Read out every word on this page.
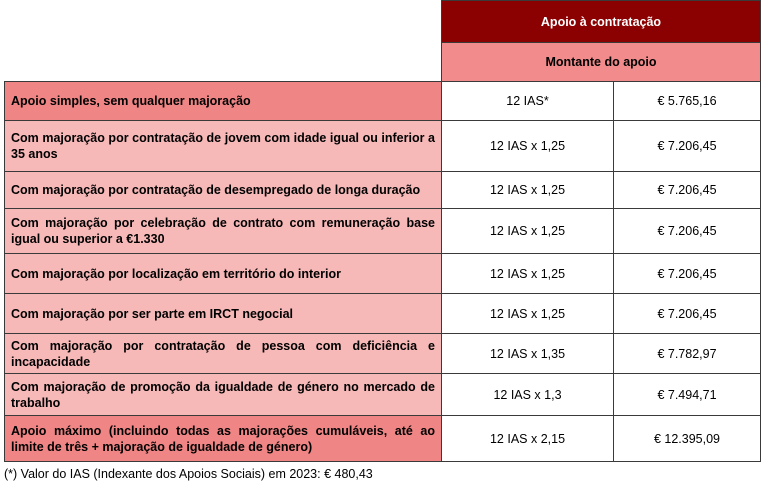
	Apoio à contratação	
	Montante do apoio	
Apoio simples, sem qualquer majoração	12 IAS*	€ 5.765,16
Com majoração por contratação de jovem com idade igual ou inferior a 35 anos	12 IAS x 1,25	€ 7.206,45
Com majoração por contratação de desempregado de longa duração	12 IAS x 1,25	€ 7.206,45
Com majoração por celebração de contrato com remuneração base igual ou superior a €1.330	12 IAS x 1,25	€ 7.206,45
Com majoração por localização em território do interior	12 IAS x 1,25	€ 7.206,45
Com majoração por ser parte em IRCT negocial	12 IAS x 1,25	€ 7.206,45
Com majoração por contratação de pessoa com deficiência e incapacidade	12 IAS x 1,35	€ 7.782,97
Com majoração de promoção da igualdade de género no mercado de trabalho	12 IAS x 1,3	€ 7.494,71
Apoio máximo (incluindo todas as majorações cumuláveis, até ao limite de três + majoração de igualdade de género)	12 IAS x 2,15	€ 12.395,09
(*) Valor do IAS (Indexante dos Apoios Sociais) em 2023: € 480,43
